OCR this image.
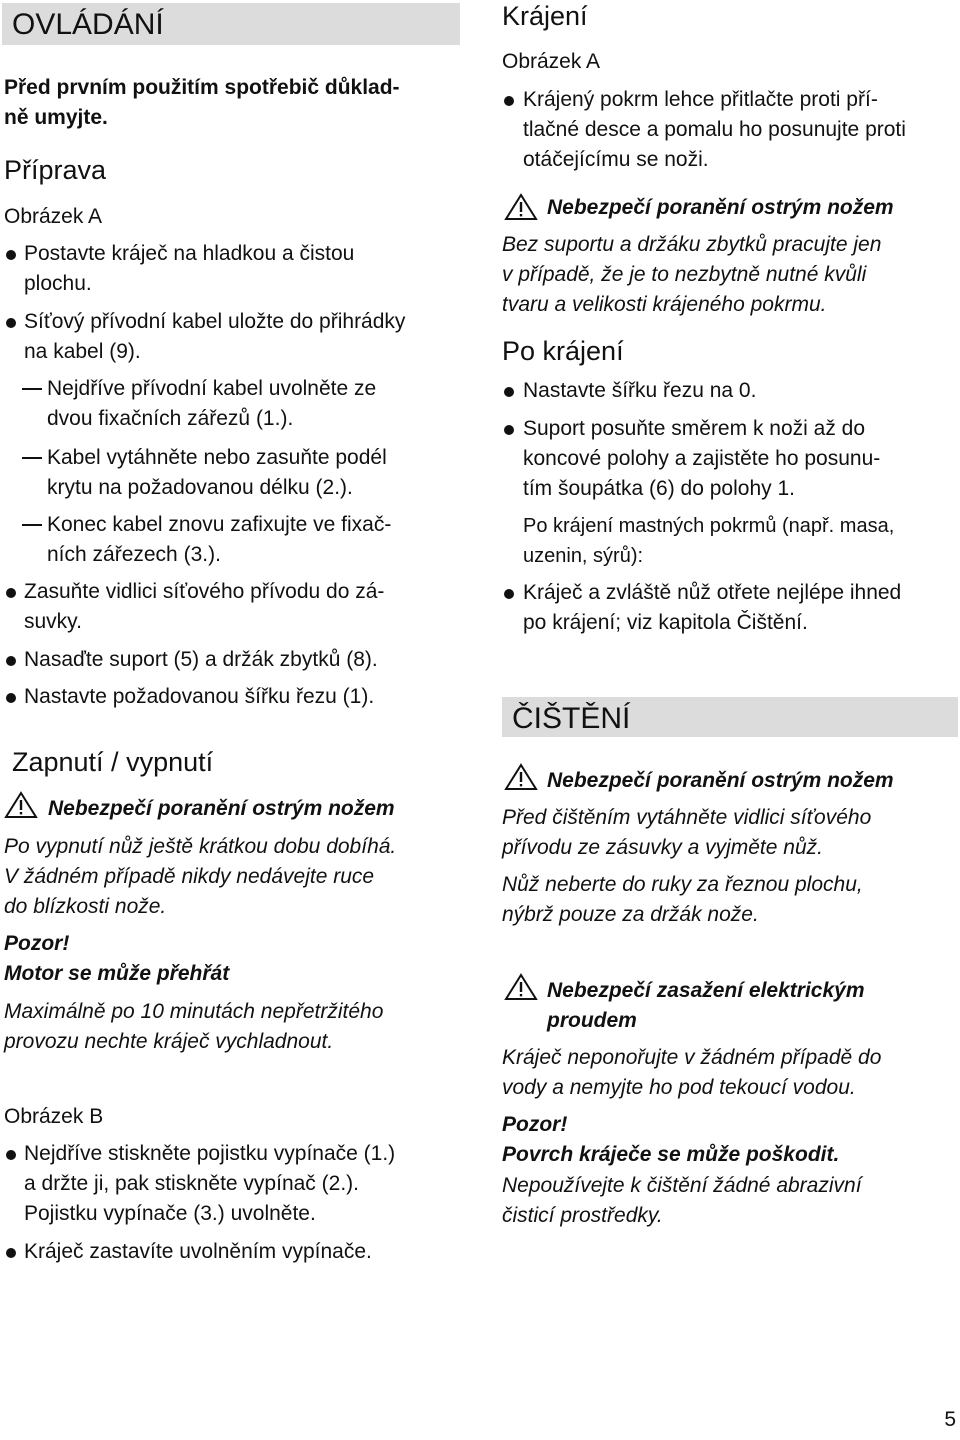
OVLÁDÁNÍ
Před prvním použitím spotřebič důklad-
ně umyjte.
Příprava
Obrázek A
Postavte kráječ na hladkou a čistou
plochu.
Síťový přívodní kabel uložte do přihrádky
na kabel (9).
Nejdříve přívodní kabel uvolněte ze
dvou fixačních zářezů (1.).
Kabel vytáhněte nebo zasuňte podél
krytu na požadovanou délku (2.).
Konec kabel znovu zafixujte ve fixač-
ních zářezech (3.).
Zasuňte vidlici síťového přívodu do zá-
suvky.
Nasaďte suport (5) a držák zbytků (8).
Nastavte požadovanou šířku řezu (1).
Zapnutí / vypnutí
Nebezpečí poranění ostrým nožem
Po vypnutí nůž ještě krátkou dobu dobíhá.
V žádném případě nikdy nedávejte ruce
do blízkosti nože.
Pozor!
Motor se může přehřát
Maximálně po 10 minutách nepřetržitého
provozu nechte kráječ vychladnout.
Obrázek B
Nejdříve stiskněte pojistku vypínače (1.)
a držte ji, pak stiskněte vypínač (2.).
Pojistku vypínače (3.) uvolněte.
Kráječ zastavíte uvolněním vypínače.
Krájení
Obrázek A
Krájený pokrm lehce přitlačte proti pří-
tlačné desce a pomalu ho posunujte proti
otáčejícímu se noži.
Nebezpečí poranění ostrým nožem
Bez suportu a držáku zbytků pracujte jen
v případě, že je to nezbytně nutné kvůli
tvaru a velikosti krájeného pokrmu.
Po krájení
Nastavte šířku řezu na 0.
Suport posuňte směrem k noži až do
koncové polohy a zajistěte ho posunu-
tím šoupátka (6) do polohy 1.
Po krájení mastných pokrmů (např. masa,
uzenin, sýrů):
Kráječ a zvláště nůž otřete nejlépe ihned
po krájení; viz kapitola Čištění.
ČIŠTĚNÍ
Nebezpečí poranění ostrým nožem
Před čištěním vytáhněte vidlici síťového
přívodu ze zásuvky a vyjměte nůž.
Nůž neberte do ruky za řeznou plochu,
nýbrž pouze za držák nože.
Nebezpečí zasažení elektrickým
proudem
Kráječ neponořujte v žádném případě do
vody a nemyjte ho pod tekoucí vodou.
Pozor!
Povrch kráječe se může poškodit.
Nepoužívejte k čištění žádné abrazivní
čisticí prostředky.
5
